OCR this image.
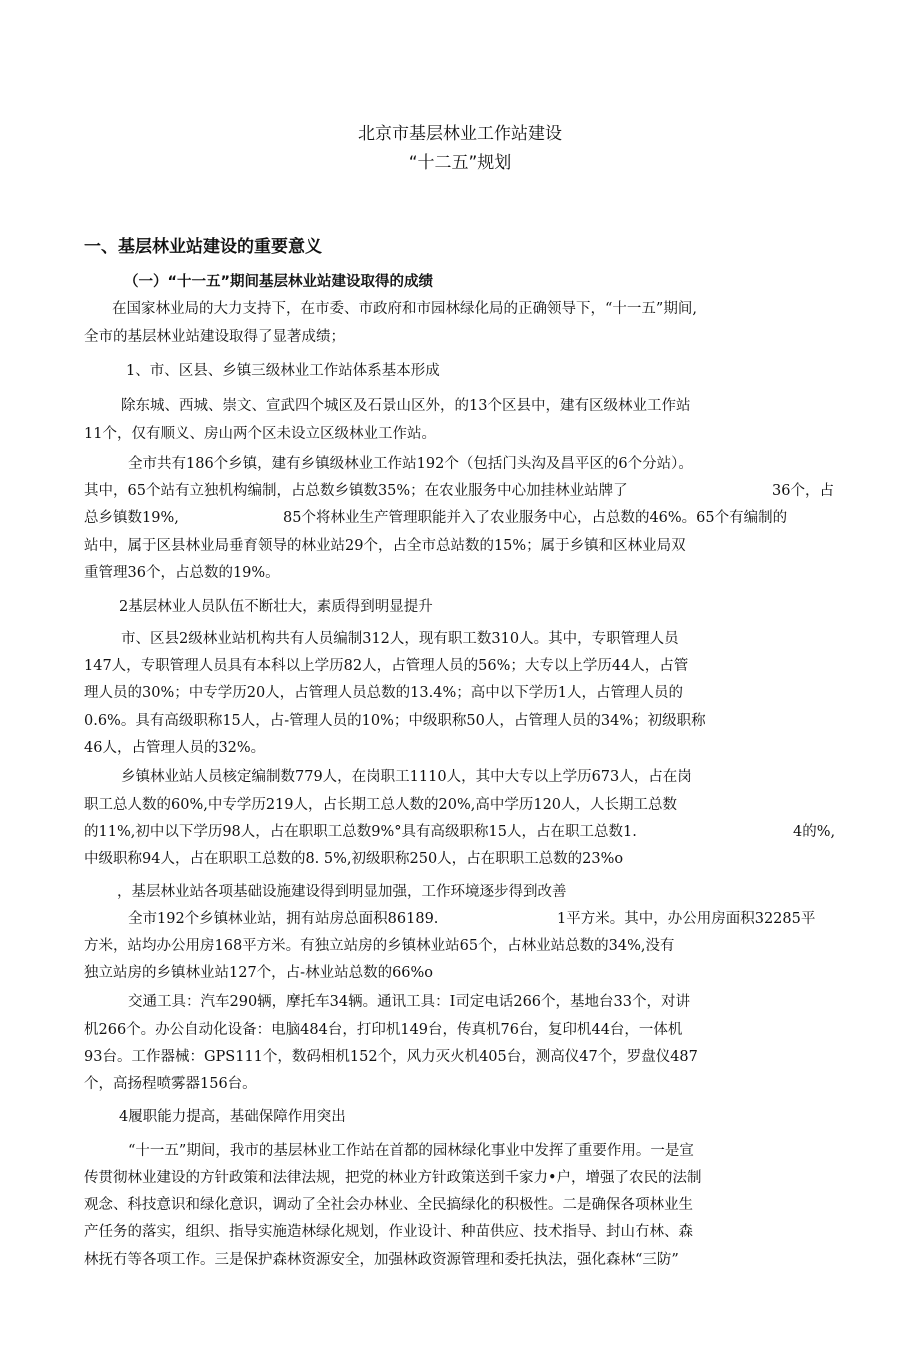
北京市基层林业工作站建设
“十二五”规划
一、基层林业站建设的重要意义
（一）“十一五”期间基层林业站建设取得的成绩
在国家林业局的大力支持下，在市委、市政府和市园林绿化局的正确领导下，“十一五”期间,
全市的基层林业站建设取得了显著成绩；
1、市、区县、乡镇三级林业工作站体系基本形成
除东城、西城、崇文、宣武四个城区及石景山区外，的13个区县中，建有区级林业工作站
11个，仅有顺义、房山两个区未设立区级林业工作站。
全市共有186个乡镇，建有乡镇级林业工作站192个（包括门头沟及昌平区的6个分站）。
其中，65个站有立独机构编制，占总数乡镇数35%；在农业服务中心加挂林业站牌了	36个，占
总乡镇数19%,	85个将林业生产管理职能并入了农业服务中心，占总数的46%。65个有编制的
站中，属于区县林业局垂育领导的林业站29个，占全市总站数的15%；属于乡镇和区林业局双
重管理36个，占总数的19%。
2基层林业人员队伍不断壮大，素质得到明显提升
市、区县2级林业站机构共有人员编制312人，现有职工数310人。其中，专职管理人员
147人，专职管理人员具有本科以上学历82人，占管理人员的56%；大专以上学历44人，占管
理人员的30%；中专学历20人，占管理人员总数的13.4%；高中以下学历1人，占管理人员的
0.6%。具有高级职称15人，占-管理人员的10%；中级职称50人，占管理人员的34%；初级职称
46人，占管理人员的32%。
乡镇林业站人员核定编制数779人，在岗职工1110人，其中大专以上学历673人，占在岗
职工总人数的60%,中专学历219人，占长期工总人数的20%,高中学历120人，人长期工总数
的11%,初中以下学历98人，占在职职工总数9%°具有高级职称15人，占在职工总数1.	4的%,
中级职称94人，占在职职工总数的8. 5%,初级职称250人，占在职职工总数的23%o
，基层林业站各项基础设施建设得到明显加强，工作环境逐步得到改善
全市192个乡镇林业站，拥有站房总面积86189.	1平方米。其中，办公用房面积32285平
方米，站均办公用房168平方米。有独立站房的乡镇林业站65个，占林业站总数的34%,没有
独立站房的乡镇林业站127个，占-林业站总数的66%o
交通工具：汽车290辆，摩托车34辆。通讯工具：I司定电话266个，基地台33个，对讲
机266个。办公自动化设备：电脑484台，打印机149台，传真机76台，复印机44台，一体机
93台。工作器械：GPS111个，数码相机152个，风力灭火机405台，测高仪47个，罗盘仪487
个，高扬程喷雾器156台。
4履职能力提高，基础保障作用突出
“十一五”期间，我市的基层林业工作站在首都的园林绿化事业中发挥了重要作用。一是宣
传贯彻林业建设的方针政策和法律法规，把党的林业方针政策送到千家力•户，增强了农民的法制
观念、科技意识和绿化意识，调动了全社会办林业、全民搞绿化的积极性。二是确保各项林业生
产任务的落实，组织、指导实施造林绿化规划，作业设计、种苗供应、技术指导、封山冇林、森
林抚冇等各项工作。三是保护森林资源安全，加强林政资源管理和委托执法，强化森林“三防”
